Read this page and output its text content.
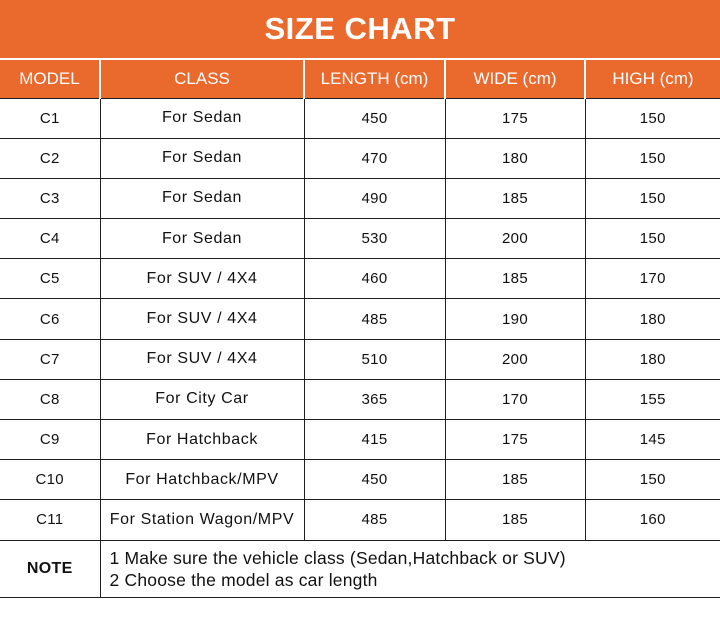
SIZE CHART
MODEL	CLASS	LENGTH (cm)	WIDE (cm)	HIGH (cm)
C1	For Sedan	450	175	150
C2	For Sedan	470	180	150
C3	For Sedan	490	185	150
C4	For Sedan	530	200	150
C5	For SUV / 4X4	460	185	170
C6	For SUV / 4X4	485	190	180
C7	For SUV / 4X4	510	200	180
C8	For City Car	365	170	155
C9	For Hatchback	415	175	145
C10	For Hatchback/MPV	450	185	150
C11	For Station Wagon/MPV	485	185	160
NOTE	1 Make sure the vehicle class (Sedan,Hatchback or SUV)
2 Choose the model as car length			
